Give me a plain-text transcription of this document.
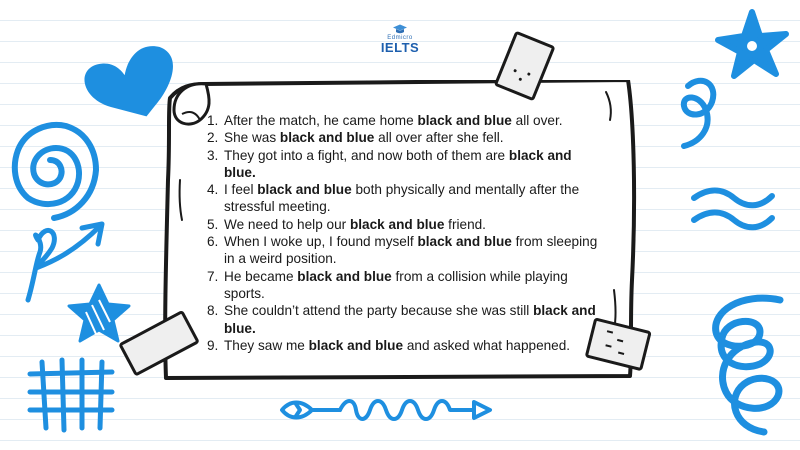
Edmicro
IELTS
1. After the match, he came home black and blue all over.
2. She was black and blue all over after she fell.
3. They got into a fight, and now both of them are black and blue.
4. I feel black and blue both physically and mentally after the stressful meeting.
5. We need to help our black and blue friend.
6. When I woke up, I found myself black and blue from sleeping in a weird position.
7. He became black and blue from a collision while playing sports.
8. She couldn’t attend the party because she was still black and blue.
9. They saw me black and blue and asked what happened.
